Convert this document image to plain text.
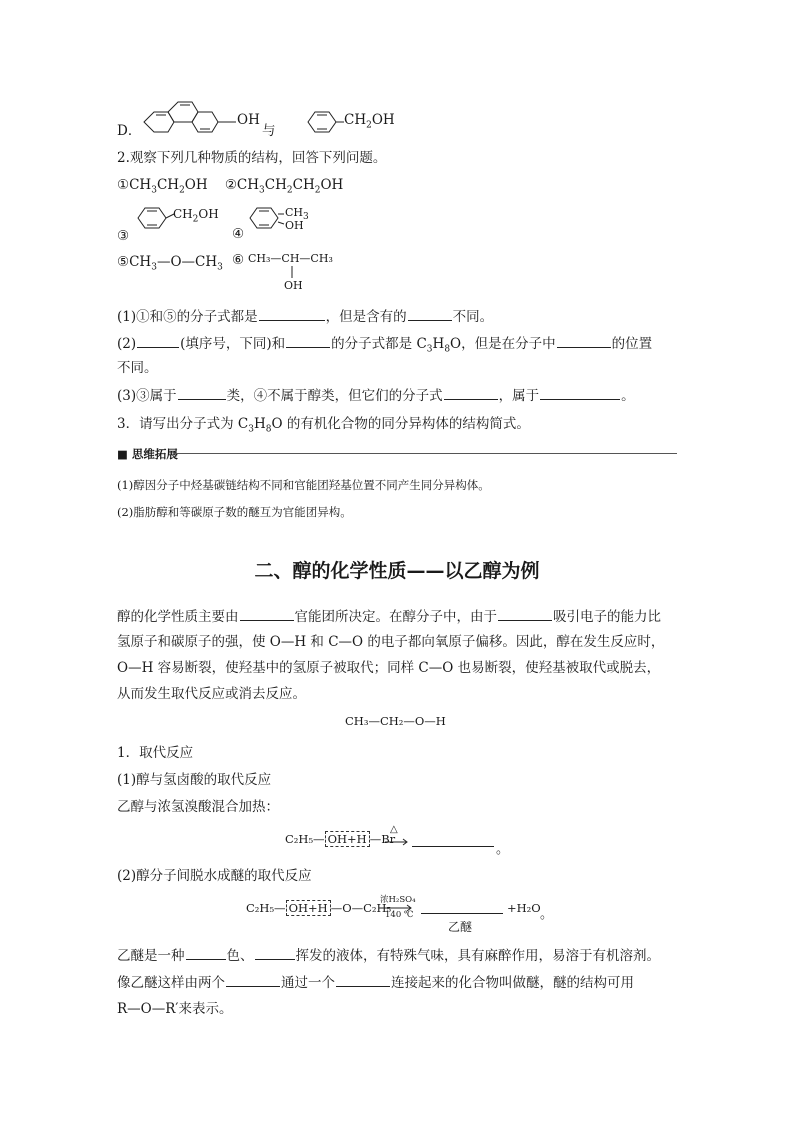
D．
OH
与
$CH_2OH$
2.观察下列几种物质的结构，回答下列问题。
$①CH_3CH_2OH$ $②CH_3CH_2CH_2OH$
③
$CH_2OH$
④
$CH_3$
OH
$⑤CH_3—O—CH_3$ ⑥ CH₃—CH—CH₃
OH
(1)①和⑤的分子式都是	，但是含有的	不同。
(2)	(填序号，下同)和	的分子式都是 $C_3H_8O$，但是在分子中	的位置
不同。
(3)③属于	类，④不属于醇类，但它们的分子式	，属于	。
3．请写出分子式为 $C_3H_8O$ 的有机化合物的同分异构体的结构简式。
■ 思维拓展
(1)醇因分子中烃基碳链结构不同和官能团羟基位置不同产生同分异构体。
(2)脂肪醇和等碳原子数的醚互为官能团异构。
二、醇的化学性质——以乙醇为例
醇的化学性质主要由	官能团所决定。在醇分子中，由于	吸引电子的能力比
氢原子和碳原子的强，使 O—H 和 C—O 的电子都向氧原子偏移。因此，醇在发生反应时，
O—H 容易断裂，使羟基中的氢原子被取代；同样 C—O 也易断裂，使羟基被取代或脱去，
从而发生取代反应或消去反应。
CH₃—CH₂—O—H
1．取代反应
(1)醇与氢卤酸的取代反应
乙醇与浓氢溴酸混合加热：
C₂H₅— OH+H —Br
△
。
(2)醇分子间脱水成醚的取代反应
C₂H₅— OH+H —O—C₂H₅
浓H₂SO₄
140 ℃	+H₂O 。
乙醚
乙醚是一种	色、	挥发的液体，有特殊气味，具有麻醉作用，易溶于有机溶剂。
像乙醚这样由两个	通过一个	连接起来的化合物叫做醚，醚的结构可用
R—O—R′来表示。
